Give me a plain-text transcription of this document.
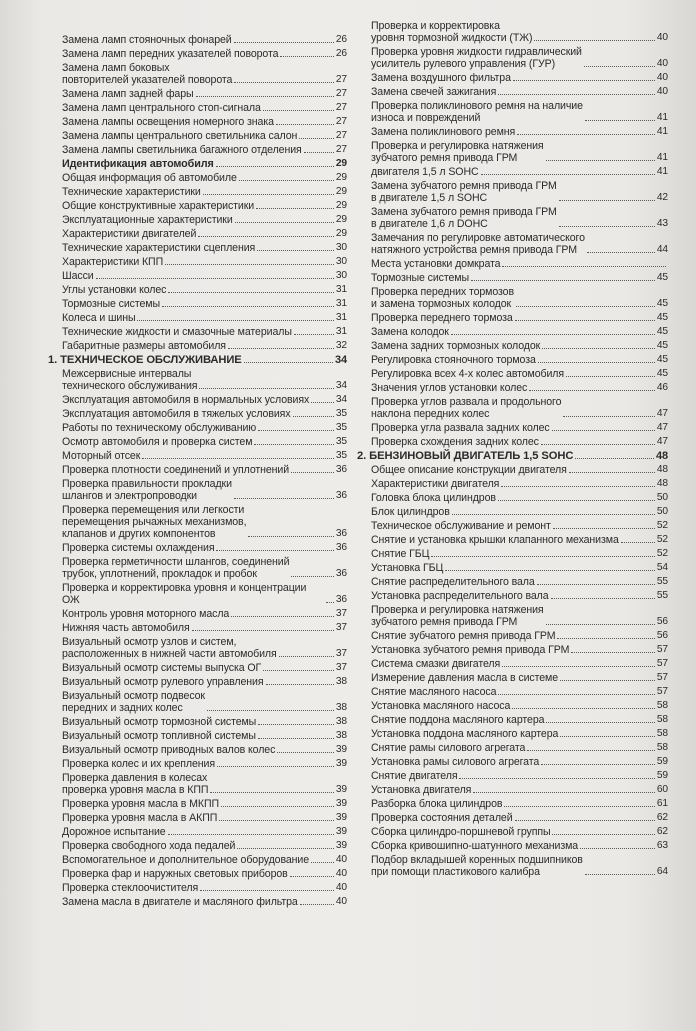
Замена ламп стояночных фонарей	26
Замена ламп передних указателей поворота	26
Замена ламп боковых
повторителей указателей поворота	27
Замена ламп задней фары	27
Замена ламп центрального стоп-сигнала	27
Замена лампы освещения номерного знака	27
Замена лампы центрального светильника салон	27
Замена лампы светильника багажного отделения	27
Идентификация автомобиля	29
Общая информация об автомобиле	29
Технические характеристики	29
Общие конструктивные характеристики	29
Эксплуатационные характеристики	29
Характеристики двигателей	29
Технические характеристики сцепления	30
Характеристики КПП	30
Шасси	30
Углы установки колес	31
Тормозные системы	31
Колеса и шины	31
Технические жидкости и смазочные материалы	31
Габаритные размеры автомобиля	32
1. ТЕХНИЧЕСКОЕ ОБСЛУЖИВАНИЕ	34
Межсервисные интервалы
технического обслуживания	34
Эксплуатация автомобиля в нормальных условиях	34
Эксплуатация автомобиля в тяжелых условиях	35
Работы по техническому обслуживанию	35
Осмотр автомобиля и проверка систем	35
Моторный отсек	35
Проверка плотности соединений и уплотнений	36
Проверка правильности прокладки
шлангов и электропроводки	36
Проверка перемещения или легкости
перемещения рычажных механизмов,
клапанов и других компонентов	36
Проверка системы охлаждения	36
Проверка герметичности шлангов, соединений
трубок, уплотнений, прокладок и пробок	36
Проверка и корректировка уровня и концентрации ОЖ	36
Контроль уровня моторного масла	37
Нижняя часть автомобиля	37
Визуальный осмотр узлов и систем,
расположенных в нижней части автомобиля	37
Визуальный осмотр системы выпуска ОГ	37
Визуальный осмотр рулевого управления	38
Визуальный осмотр подвесок
передних и задних колес	38
Визуальный осмотр тормозной системы	38
Визуальный осмотр топливной системы	38
Визуальный осмотр приводных валов колес	39
Проверка колес и их крепления	39
Проверка давления в колесах
проверка уровня масла в КПП	39
Проверка уровня масла в МКПП	39
Проверка уровня масла в АКПП	39
Дорожное испытание	39
Проверка свободного хода педалей	39
Вспомогательное и дополнительное оборудование	40
Проверка фар и наружных световых приборов	40
Проверка стеклоочистителя	40
Замена масла в двигателе и масляного фильтра	40
Проверка и корректировка
уровня тормозной жидкости (ТЖ)	40
Проверка уровня жидкости гидравлический
усилитель рулевого управления (ГУР)	40
Замена воздушного фильтра	40
Замена свечей зажигания	40
Проверка поликлинового ремня на наличие
износа и повреждений	41
Замена поликлинового ремня	41
Проверка и регулировка натяжения
зубчатого ремня привода ГРМ	41
двигателя 1,5 л SOHC	41
Замена зубчатого ремня привода ГРМ
в двигателе 1,5 л SOHC	42
Замена зубчатого ремня привода ГРМ
в двигателе 1,6 л DOHC	43
Замечания по регулировке автоматического
натяжного устройства ремня привода ГРМ	44
Места установки домкрата
Тормозные системы	45
Проверка передних тормозов
и замена тормозных колодок	45
Проверка переднего тормоза	45
Замена колодок	45
Замена задних тормозных колодок	45
Регулировка стояночного тормоза	45
Регулировка всех 4-х колес автомобиля	45
Значения углов установки колес	46
Проверка углов развала и продольного
наклона передних колес	47
Проверка угла развала задних колес	47
Проверка схождения задних колес	47
2. БЕНЗИНОВЫЙ ДВИГАТЕЛЬ 1,5 SOHC	48
Общее описание конструкции двигателя	48
Характеристики двигателя	48
Головка блока цилиндров	50
Блок цилиндров	50
Техническое обслуживание и ремонт	52
Снятие и установка крышки клапанного механизма	52
Снятие ГБЦ	52
Установка ГБЦ	54
Снятие распределительного вала	55
Установка распределительного вала	55
Проверка и регулировка натяжения
зубчатого ремня привода ГРМ	56
Снятие зубчатого ремня привода ГРМ	56
Установка зубчатого ремня привода ГРМ	57
Система смазки двигателя	57
Измерение давления масла в системе	57
Снятие масляного насоса	57
Установка масляного насоса	58
Снятие поддона масляного картера	58
Установка поддона масляного картера	58
Снятие рамы силового агрегата	58
Установка рамы силового агрегата	59
Снятие двигателя	59
Установка двигателя	60
Разборка блока цилиндров	61
Проверка состояния деталей	62
Сборка цилиндро-поршневой группы	62
Сборка кривошипно-шатунного механизма	63
Подбор вкладышей коренных подшипников
при помощи пластикового калибра	64
